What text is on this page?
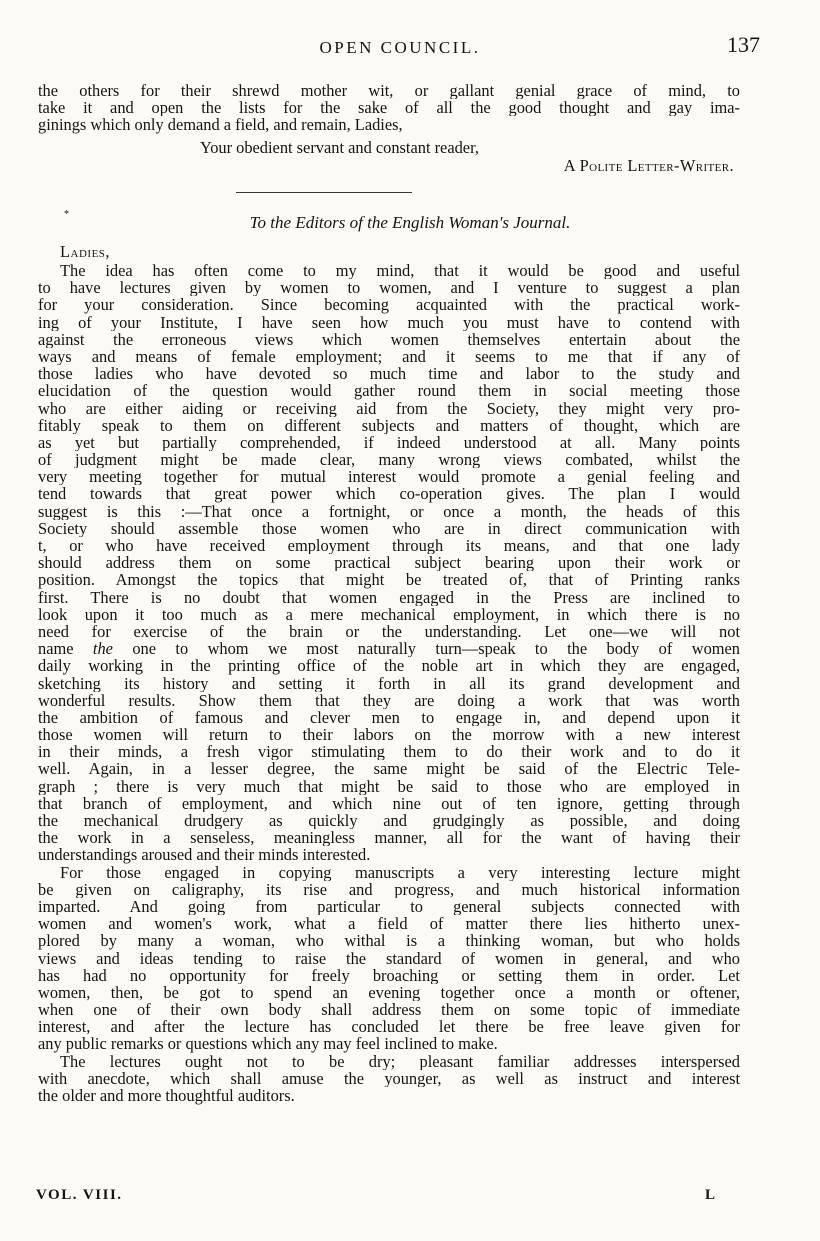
OPEN COUNCIL.	137
the others for their shrewd mother wit, or gallant genial grace of mind, to
take it and open the lists for the sake of all the good thought and gay ima-
ginings which only demand a field, and remain, Ladies,
Your obedient servant and constant reader,
A Polite Letter-Writer.
*	To the Editors of the English Woman's Journal.
Ladies,
The idea has often come to my mind, that it would be good and useful
to have lectures given by women to women, and I venture to suggest a plan
for your consideration. Since becoming acquainted with the practical work-
ing of your Institute, I have seen how much you must have to contend with
against the erroneous views which women themselves entertain about the
ways and means of female employment; and it seems to me that if any of
those ladies who have devoted so much time and labor to the study and
elucidation of the question would gather round them in social meeting those
who are either aiding or receiving aid from the Society, they might very pro-
fitably speak to them on different subjects and matters of thought, which are
as yet but partially comprehended, if indeed understood at all. Many points
of judgment might be made clear, many wrong views combated, whilst the
very meeting together for mutual interest would promote a genial feeling and
tend towards that great power which co-operation gives. The plan I would
suggest is this :—That once a fortnight, or once a month, the heads of this
Society should assemble those women who are in direct communication with
t, or who have received employment through its means, and that one lady
should address them on some practical subject bearing upon their work or
position. Amongst the topics that might be treated of, that of Printing ranks
first. There is no doubt that women engaged in the Press are inclined to
look upon it too much as a mere mechanical employment, in which there is no
need for exercise of the brain or the understanding. Let one—we will not
name the one to whom we most naturally turn—speak to the body of women
daily working in the printing office of the noble art in which they are engaged,
sketching its history and setting it forth in all its grand development and
wonderful results. Show them that they are doing a work that was worth
the ambition of famous and clever men to engage in, and depend upon it
those women will return to their labors on the morrow with a new interest
in their minds, a fresh vigor stimulating them to do their work and to do it
well. Again, in a lesser degree, the same might be said of the Electric Tele-
graph ; there is very much that might be said to those who are employed in
that branch of employment, and which nine out of ten ignore, getting through
the mechanical drudgery as quickly and grudgingly as possible, and doing
the work in a senseless, meaningless manner, all for the want of having their
understandings aroused and their minds interested.
For those engaged in copying manuscripts a very interesting lecture might
be given on caligraphy, its rise and progress, and much historical information
imparted. And going from particular to general subjects connected with
women and women's work, what a field of matter there lies hitherto unex-
plored by many a woman, who withal is a thinking woman, but who holds
views and ideas tending to raise the standard of women in general, and who
has had no opportunity for freely broaching or setting them in order. Let
women, then, be got to spend an evening together once a month or oftener,
when one of their own body shall address them on some topic of immediate
interest, and after the lecture has concluded let there be free leave given for
any public remarks or questions which any may feel inclined to make.
The lectures ought not to be dry; pleasant familiar addresses interspersed
with anecdote, which shall amuse the younger, as well as instruct and interest
the older and more thoughtful auditors.
VOL. VIII.	L
